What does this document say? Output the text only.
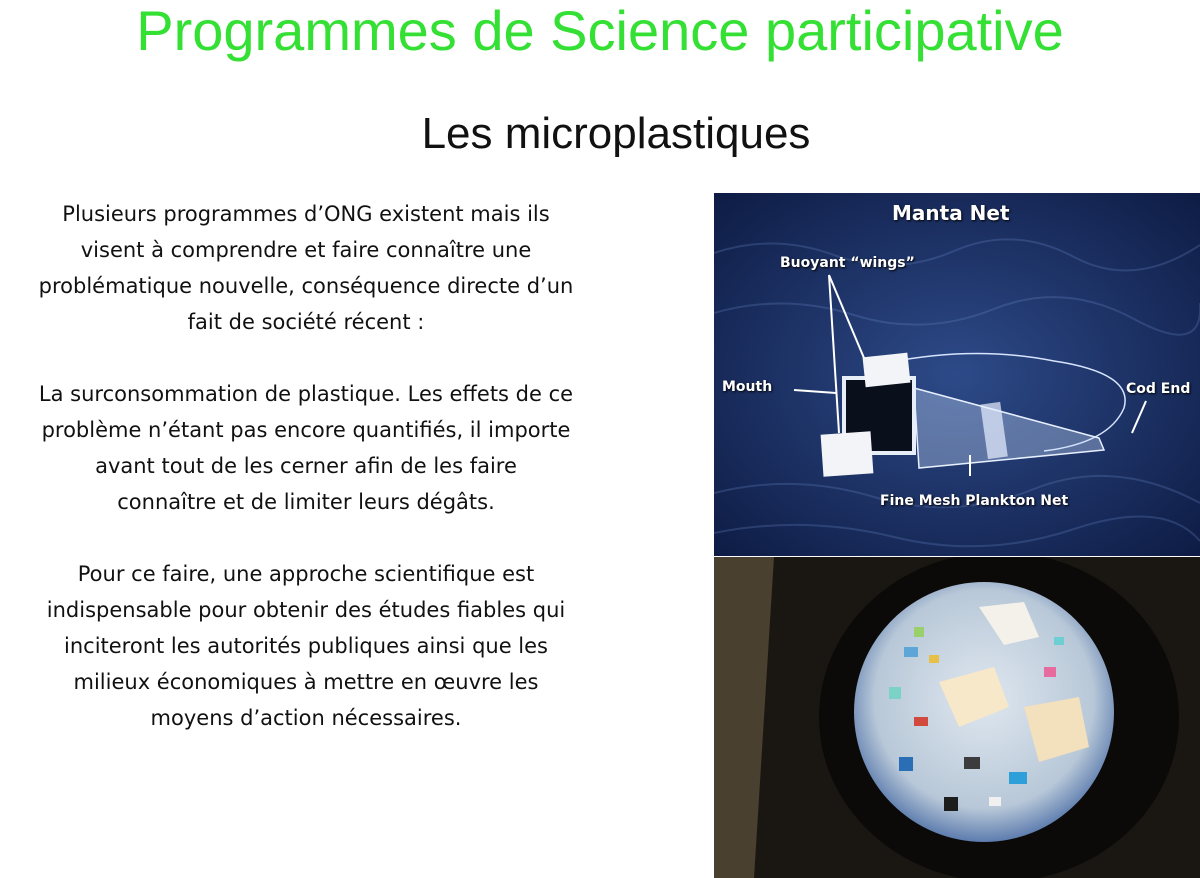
Programmes de Science participative
Les microplastiques

Plusieurs programmes d’ONG existent mais ils
visent à comprendre et faire connaître une
problématique nouvelle, conséquence directe d’un
fait de société récent :

La surconsommation de plastique. Les effets de ce
problème n’étant pas encore quantifiés, il importe
avant tout de les cerner afin de les faire
connaître et de limiter leurs dégâts.

Pour ce faire, une approche scientifique est
indispensable pour obtenir des études fiables qui
inciteront les autorités publiques ainsi que les
milieux économiques à mettre en œuvre les
moyens d’action nécessaires.

Manta Net
Buoyant “wings”
Mouth	Cod End
Fine Mesh Plankton Net
